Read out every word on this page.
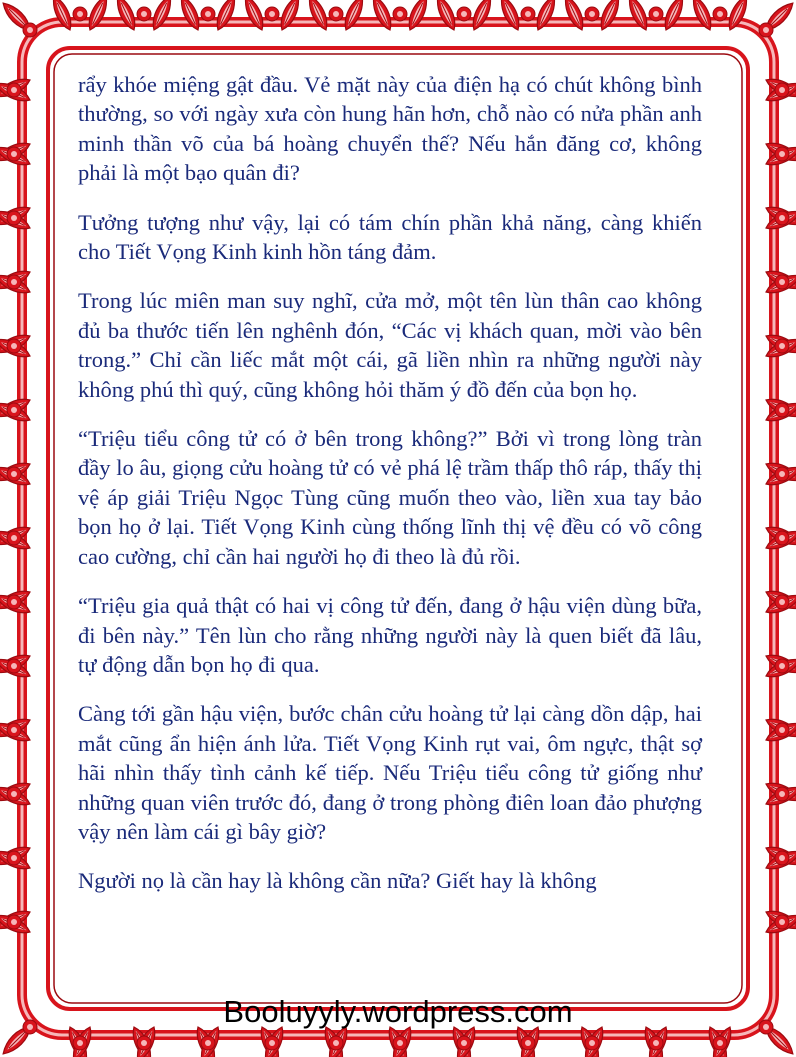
rẩy khóe miệng gật đầu. Vẻ mặt này của điện hạ có chút không bình thường, so với ngày xưa còn hung hãn hơn, chỗ nào có nửa phần anh minh thần võ của bá hoàng chuyển thế? Nếu hắn đăng cơ, không phải là một bạo quân đi?

Tưởng tượng như vậy, lại có tám chín phần khả năng, càng khiến cho Tiết Vọng Kinh kinh hồn táng đảm.

Trong lúc miên man suy nghĩ, cửa mở, một tên lùn thân cao không đủ ba thước tiến lên nghênh đón, “Các vị khách quan, mời vào bên trong.” Chỉ cần liếc mắt một cái, gã liền nhìn ra những người này không phú thì quý, cũng không hỏi thăm ý đồ đến của bọn họ.

“Triệu tiểu công tử có ở bên trong không?” Bởi vì trong lòng tràn đầy lo âu, giọng cửu hoàng tử có vẻ phá lệ trầm thấp thô ráp, thấy thị vệ áp giải Triệu Ngọc Tùng cũng muốn theo vào, liền xua tay bảo bọn họ ở lại. Tiết Vọng Kinh cùng thống lĩnh thị vệ đều có võ công cao cường, chỉ cần hai người họ đi theo là đủ rồi.

“Triệu gia quả thật có hai vị công tử đến, đang ở hậu viện dùng bữa, đi bên này.” Tên lùn cho rằng những người này là quen biết đã lâu, tự động dẫn bọn họ đi qua.

Càng tới gần hậu viện, bước chân cửu hoàng tử lại càng dồn dập, hai mắt cũng ẩn hiện ánh lửa. Tiết Vọng Kinh rụt vai, ôm ngực, thật sợ hãi nhìn thấy tình cảnh kế tiếp. Nếu Triệu tiểu công tử giống như những quan viên trước đó, đang ở trong phòng điên loan đảo phượng vậy nên làm cái gì bây giờ?

Người nọ là cần hay là không cần nữa? Giết hay là không

Booluyyly.wordpress.com
